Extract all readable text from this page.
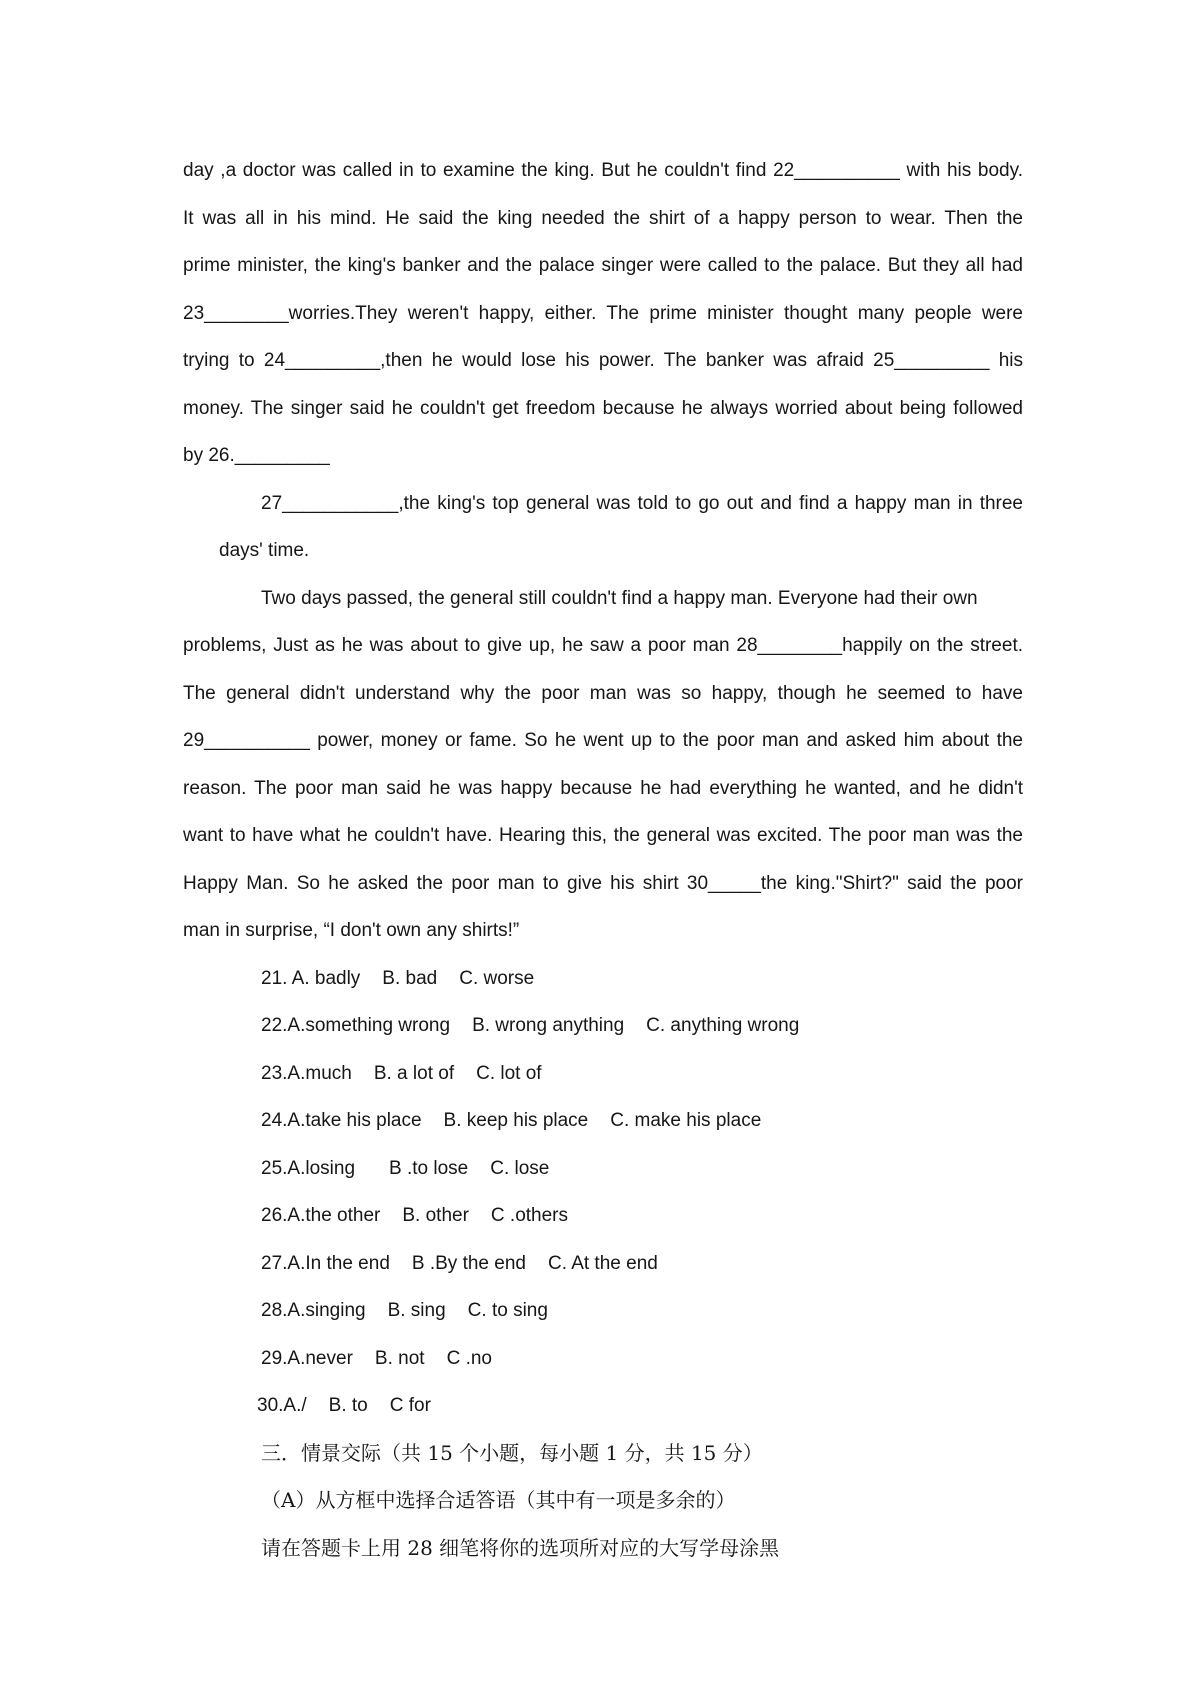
day ,a doctor was called in to examine the king. But he couldn't find 22__________ with his body.
It was all in his mind. He said the king needed the shirt of a happy person to wear. Then the
prime minister, the king's banker and the palace singer were called to the palace. But they all had
23________worries.They weren't happy, either. The prime minister thought many people were
trying to 24_________,then he would lose his power. The banker was afraid 25_________ his
money. The singer said he couldn't get freedom because he always worried about being followed
by 26._________
27___________,the king's top general was told to go out and find a happy man in three
days' time.
Two days passed, the general still couldn't find a happy man. Everyone had their own
problems, Just as he was about to give up, he saw a poor man 28________happily on the street.
The general didn't understand why the poor man was so happy, though he seemed to have
29__________ power, money or fame. So he went up to the poor man and asked him about the
reason. The poor man said he was happy because he had everything he wanted, and he didn't
want to have what he couldn't have. Hearing this, the general was excited. The poor man was the
Happy Man. So he asked the poor man to give his shirt 30_____the king."Shirt?" said the poor
man in surprise, “I don't own any shirts!”
21. A. badly B. bad C. worse
22.A.something wrong B. wrong anything C. anything wrong
23.A.much B. a lot of C. lot of
24.A.take his place B. keep his place C. make his place
25.A.losing B .to lose C. lose
26.A.the other B. other C .others
27.A.In the end B .By the end C. At the end
28.A.singing B. sing C. to sing
29.A.never B. not C .no
30.A./ B. to C for
三．情景交际（共 15 个小题，每小题 1 分，共 15 分）
（A）从方框中选择合适答语（其中有一项是多余的）
请在答题卡上用 28 细笔将你的选项所对应的大写学母涂黑
